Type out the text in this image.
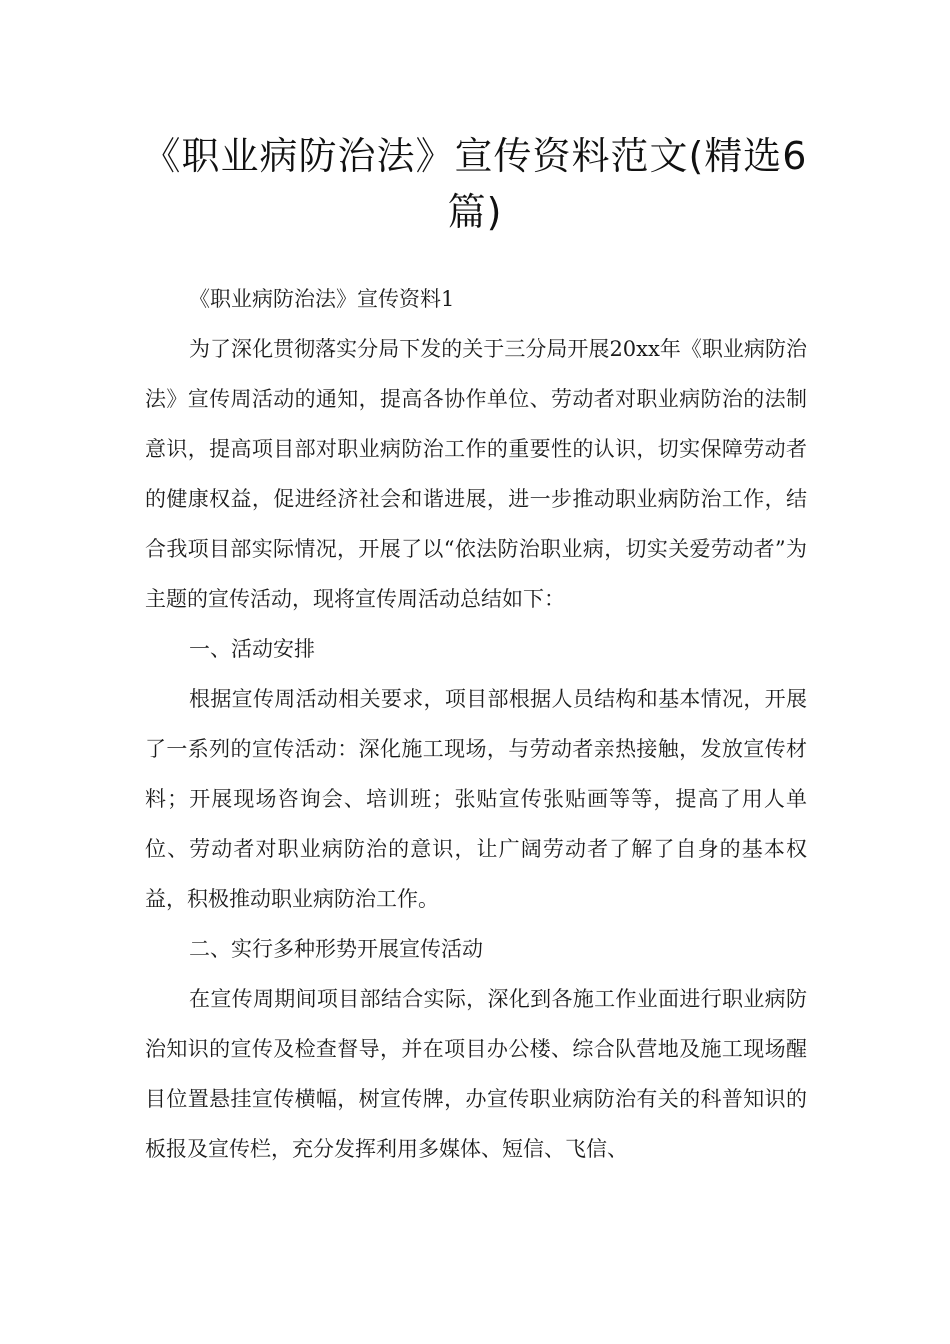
《职业病防治法》宣传资料范文(精选6篇)

《职业病防治法》宣传资料1

为了深化贯彻落实分局下发的关于三分局开展20xx年《职业病防治法》宣传周活动的通知，提高各协作单位、劳动者对职业病防治的法制意识，提高项目部对职业病防治工作的重要性的认识，切实保障劳动者的健康权益，促进经济社会和谐进展，进一步推动职业病防治工作，结合我项目部实际情况，开展了以“依法防治职业病，切实关爱劳动者”为主题的宣传活动，现将宣传周活动总结如下：

一、活动安排

根据宣传周活动相关要求，项目部根据人员结构和基本情况，开展了一系列的宣传活动：深化施工现场，与劳动者亲热接触，发放宣传材料；开展现场咨询会、培训班；张贴宣传张贴画等等，提高了用人单位、劳动者对职业病防治的意识，让广阔劳动者了解了自身的基本权益，积极推动职业病防治工作。

二、实行多种形势开展宣传活动

在宣传周期间项目部结合实际，深化到各施工作业面进行职业病防治知识的宣传及检查督导，并在项目办公楼、综合队营地及施工现场醒目位置悬挂宣传横幅，树宣传牌，办宣传职业病防治有关的科普知识的板报及宣传栏，充分发挥利用多媒体、短信、飞信、
